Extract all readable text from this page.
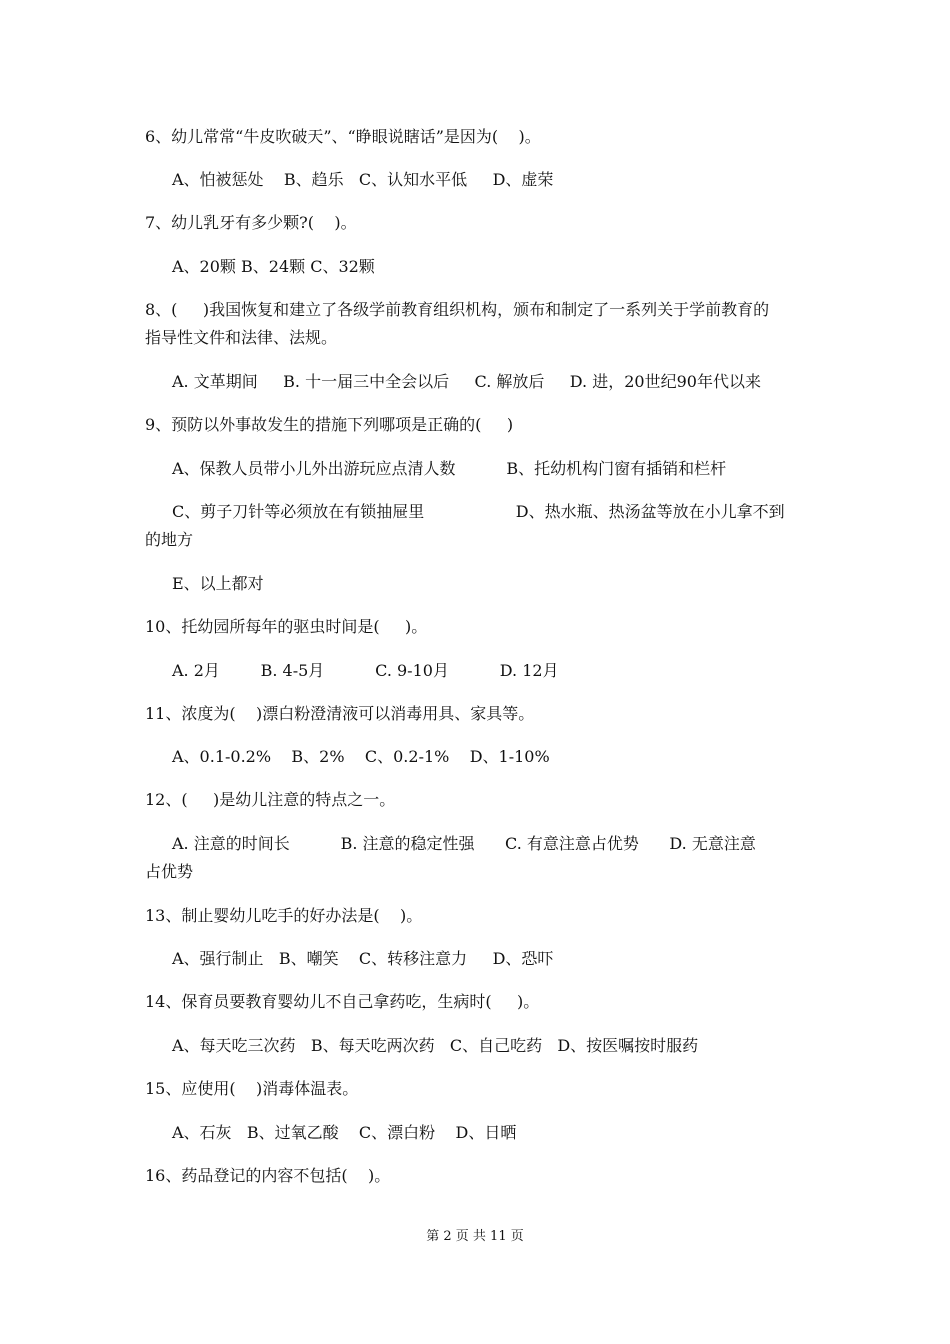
6、幼儿常常“牛皮吹破天”、“睁眼说瞎话”是因为(    )。
A、怕被惩处    B、趋乐   C、认知水平低     D、虚荣
7、幼儿乳牙有多少颗?(    )。
A、20颗 B、24颗 C、32颗
8、(     )我国恢复和建立了各级学前教育组织机构，颁布和制定了一系列关于学前教育的
指导性文件和法律、法规。
A. 文革期间     B. 十一届三中全会以后     C. 解放后     D. 进，20世纪90年代以来
9、预防以外事故发生的措施下列哪项是正确的(     )
A、保教人员带小儿外出游玩应点清人数          B、托幼机构门窗有插销和栏杆
C、剪子刀针等必须放在有锁抽屉里                  D、热水瓶、热汤盆等放在小儿拿不到
的地方
E、以上都对
10、托幼园所每年的驱虫时间是(     )。
A. 2月        B. 4-5月          C. 9-10月          D. 12月
11、浓度为(    )漂白粉澄清液可以消毒用具、家具等。
A、0.1-0.2%    B、2%    C、0.2-1%    D、1-10%
12、(     )是幼儿注意的特点之一。
A. 注意的时间长          B. 注意的稳定性强      C. 有意注意占优势      D. 无意注意
占优势
13、制止婴幼儿吃手的好办法是(    )。
A、强行制止   B、嘲笑    C、转移注意力     D、恐吓
14、保育员要教育婴幼儿不自己拿药吃，生病时(     )。
A、每天吃三次药   B、每天吃两次药   C、自己吃药   D、按医嘱按时服药
15、应使用(    )消毒体温表。
A、石灰   B、过氧乙酸    C、漂白粉    D、日晒
16、药品登记的内容不包括(    )。
第 2 页 共 11 页
